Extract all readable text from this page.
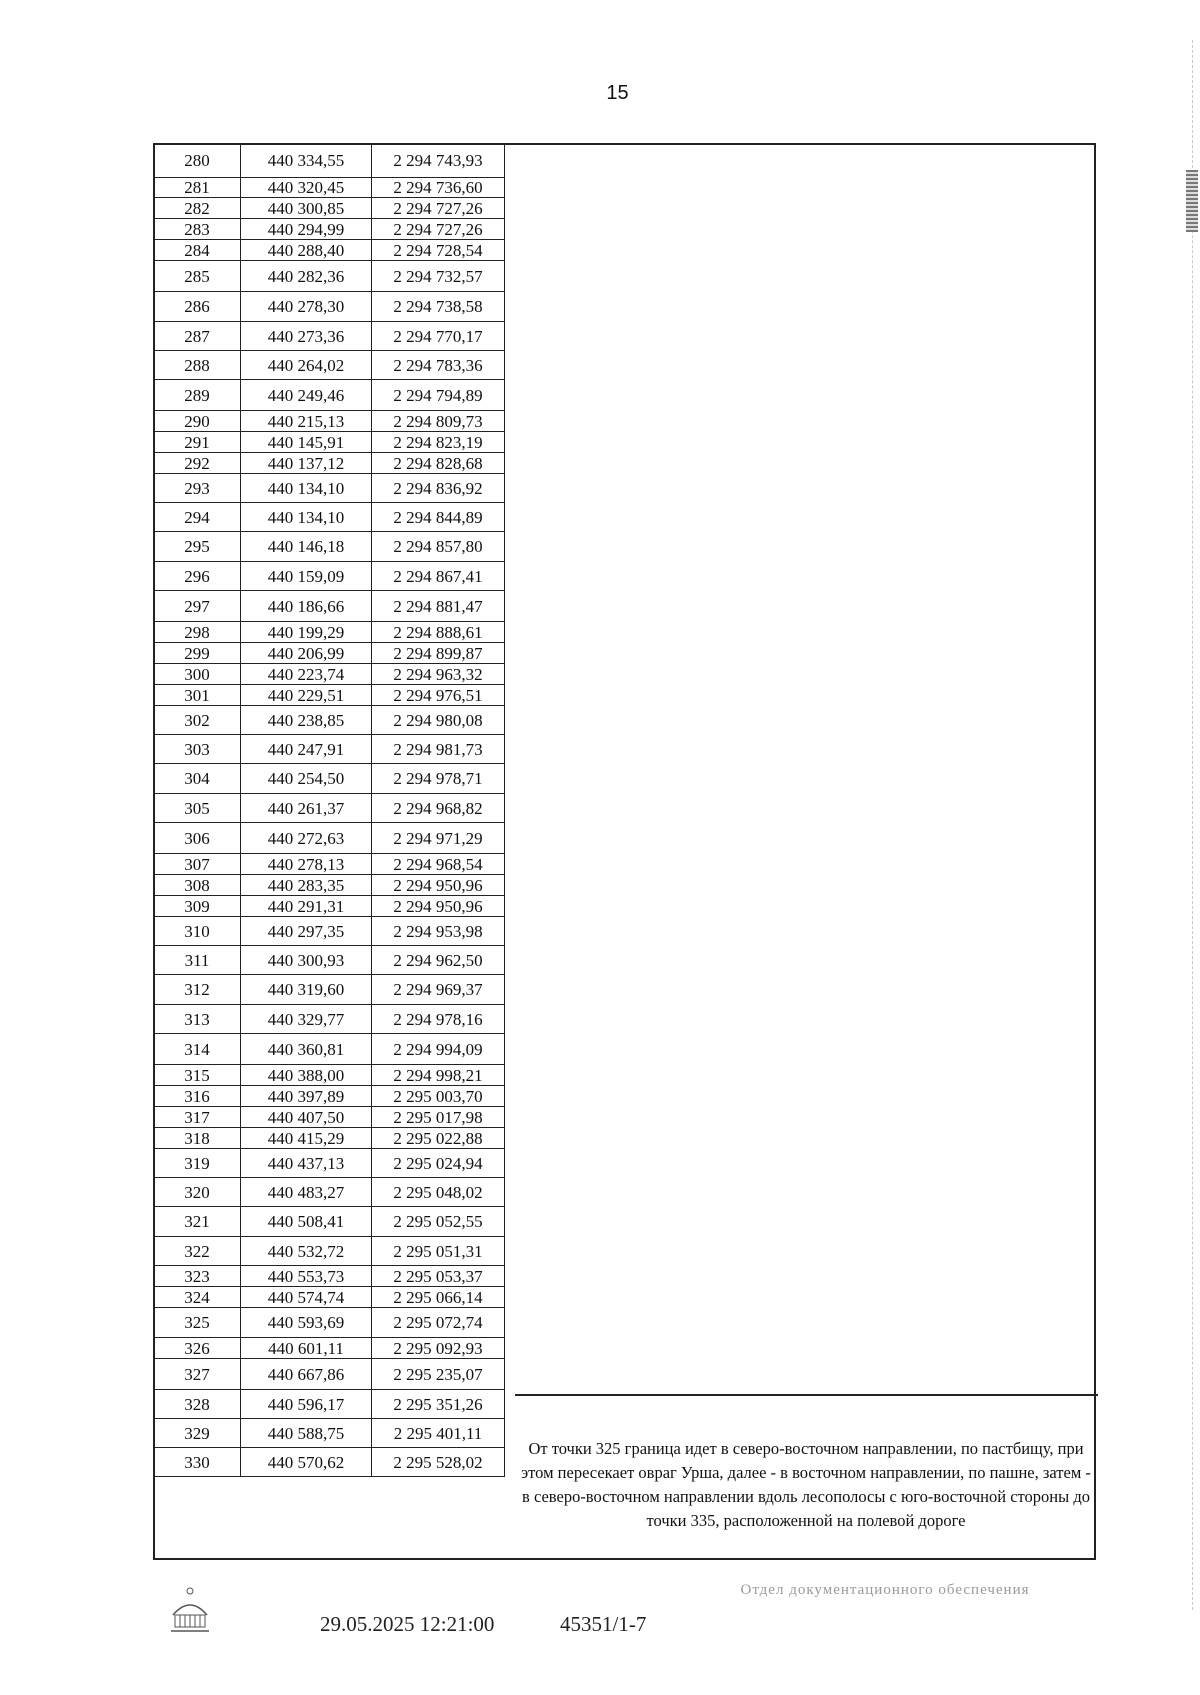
15
280	440 334,55	2 294 743,93
281	440 320,45	2 294 736,60
282	440 300,85	2 294 727,26
283	440 294,99	2 294 727,26
284	440 288,40	2 294 728,54
285	440 282,36	2 294 732,57
286	440 278,30	2 294 738,58
287	440 273,36	2 294 770,17
288	440 264,02	2 294 783,36
289	440 249,46	2 294 794,89
290	440 215,13	2 294 809,73
291	440 145,91	2 294 823,19
292	440 137,12	2 294 828,68
293	440 134,10	2 294 836,92
294	440 134,10	2 294 844,89
295	440 146,18	2 294 857,80
296	440 159,09	2 294 867,41
297	440 186,66	2 294 881,47
298	440 199,29	2 294 888,61
299	440 206,99	2 294 899,87
300	440 223,74	2 294 963,32
301	440 229,51	2 294 976,51
302	440 238,85	2 294 980,08
303	440 247,91	2 294 981,73
304	440 254,50	2 294 978,71
305	440 261,37	2 294 968,82
306	440 272,63	2 294 971,29
307	440 278,13	2 294 968,54
308	440 283,35	2 294 950,96
309	440 291,31	2 294 950,96
310	440 297,35	2 294 953,98
311	440 300,93	2 294 962,50
312	440 319,60	2 294 969,37
313	440 329,77	2 294 978,16
314	440 360,81	2 294 994,09
315	440 388,00	2 294 998,21
316	440 397,89	2 295 003,70
317	440 407,50	2 295 017,98
318	440 415,29	2 295 022,88
319	440 437,13	2 295 024,94
320	440 483,27	2 295 048,02
321	440 508,41	2 295 052,55
322	440 532,72	2 295 051,31
323	440 553,73	2 295 053,37
324	440 574,74	2 295 066,14
325	440 593,69	2 295 072,74
326	440 601,11	2 295 092,93
327	440 667,86	2 295 235,07
328	440 596,17	2 295 351,26
329	440 588,75	2 295 401,11
330	440 570,62	2 295 528,02
От точки 325 граница идет в северо-восточном направлении, по пастбищу, при этом пересекает овраг Урша, далее - в восточном направлении, по пашне, затем - в северо-восточном направлении вдоль лесополосы с юго-восточной стороны до точки 335, расположенной на полевой дороге
29.05.2025 12:21:00	45351/1-7
Отдел документационного обеспечения
